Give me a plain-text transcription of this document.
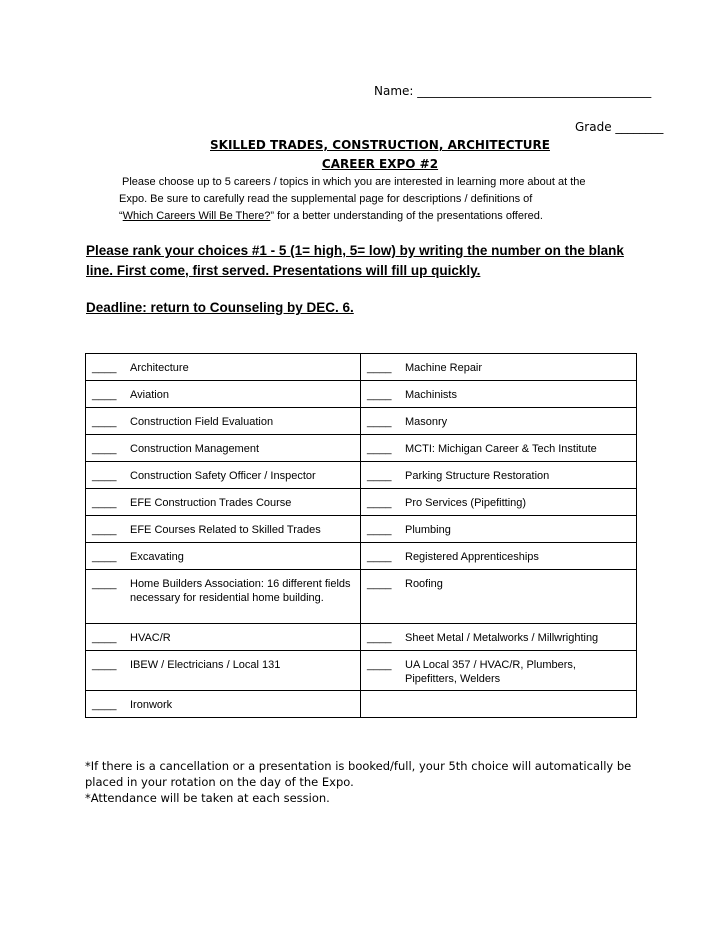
Name: _______________________________________
Grade ________
SKILLED TRADES, CONSTRUCTION, ARCHITECTURE
CAREER EXPO #2
Please choose up to 5 careers / topics in which you are interested in learning more about at the
Expo. Be sure to carefully read the supplemental page for descriptions / definitions of
“Which Careers Will Be There?” for a better understanding of the presentations offered.
Please rank your choices #1 - 5 (1= high, 5= low) by writing the number on the blank line. First come, first served. Presentations will fill up quickly.
Deadline: return to Counseling by DEC. 6.
____ Architecture	____ Machine Repair

____ Aviation	____ Machinists

____ Construction Field Evaluation	____ Masonry

____ Construction Management	____ MCTI: Michigan Career & Tech Institute

____ Construction Safety Officer / Inspector	____ Parking Structure Restoration

____ EFE Construction Trades Course	____ Pro Services (Pipefitting)

____ EFE Courses Related to Skilled Trades	____ Plumbing

____ Excavating	____ Registered Apprenticeships

____ Home Builders Association: 16 different fields necessary for residential home building.	____ Roofing

____ HVAC/R	____ Sheet Metal / Metalworks / Millwrighting

____ IBEW / Electricians / Local 131	____ UA Local 357 / HVAC/R, Plumbers, Pipefitters, Welders

____ Ironwork	

*If there is a cancellation or a presentation is booked/full, your 5th choice will automatically be placed in your rotation on the day of the Expo.
*Attendance will be taken at each session.
